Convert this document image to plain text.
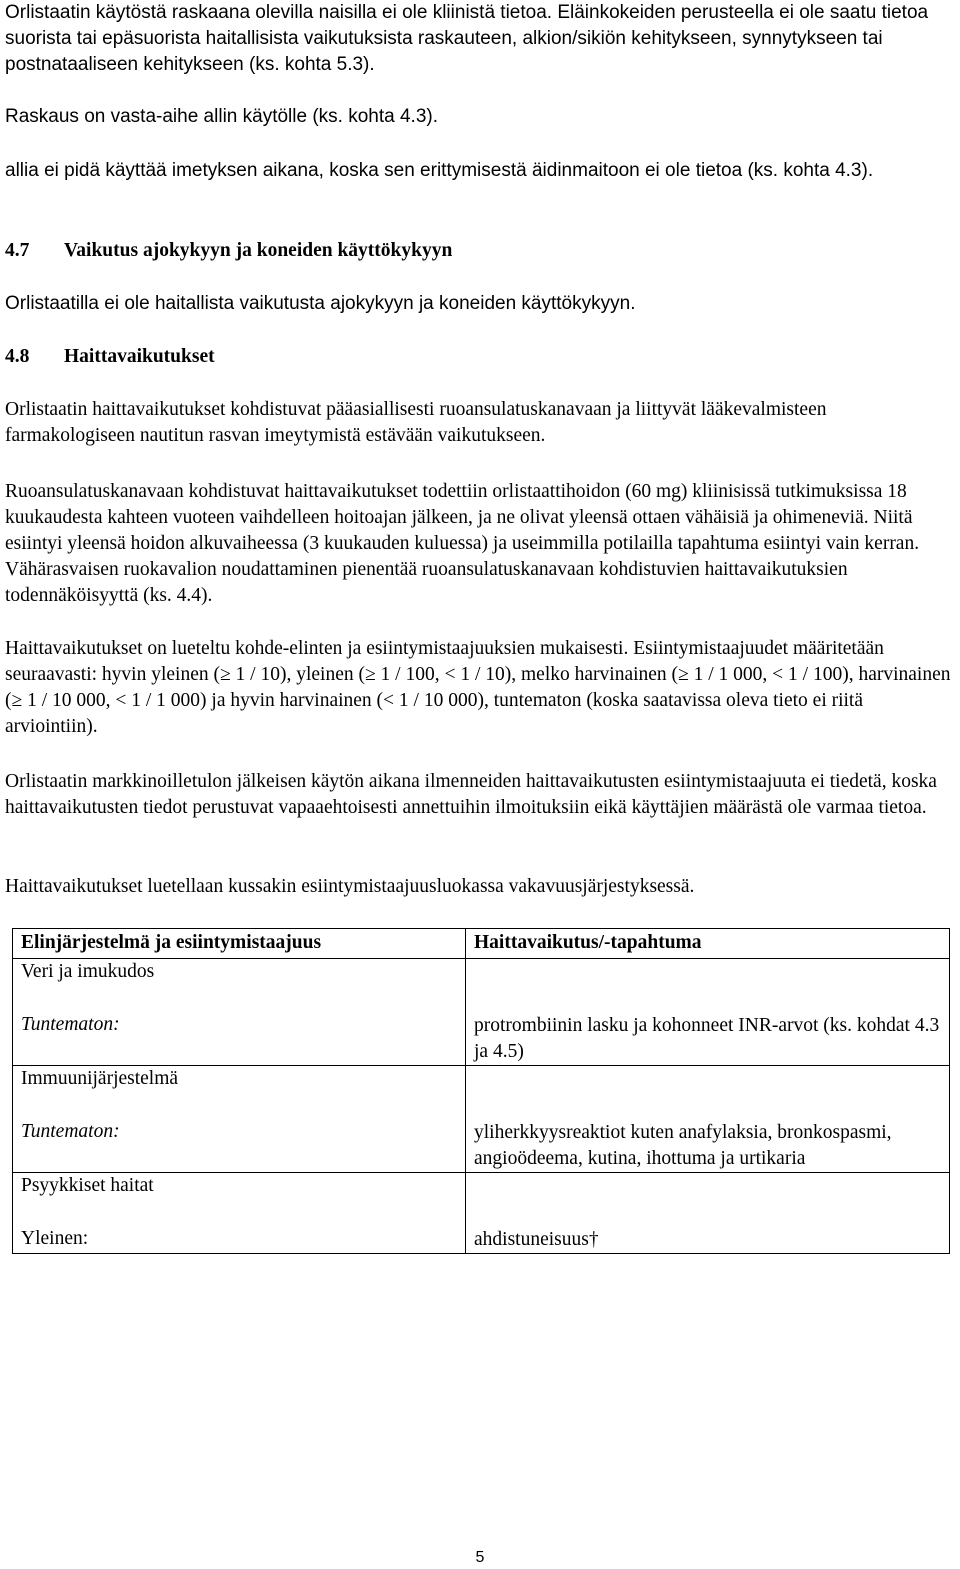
Orlistaatin käytöstä raskaana olevilla naisilla ei ole kliinistä tietoa. Eläinkokeiden perusteella ei ole saatu tietoa suorista tai epäsuorista haitallisista vaikutuksista raskauteen, alkion/sikiön kehitykseen, synnytykseen tai postnataaliseen kehitykseen (ks. kohta 5.3).

Raskaus on vasta-aihe allin käytölle (ks. kohta 4.3).

allia ei pidä käyttää imetyksen aikana, koska sen erittymisestä äidinmaitoon ei ole tietoa (ks. kohta 4.3).

4.7 Vaikutus ajokykyyn ja koneiden käyttökykyyn

Orlistaatilla ei ole haitallista vaikutusta ajokykyyn ja koneiden käyttökykyyn.

4.8 Haittavaikutukset

Orlistaatin haittavaikutukset kohdistuvat pääasiallisesti ruoansulatuskanavaan ja liittyvät lääkevalmisteen farmakologiseen nautitun rasvan imeytymistä estävään vaikutukseen.

Ruoansulatuskanavaan kohdistuvat haittavaikutukset todettiin orlistaattihoidon (60 mg) kliinisissä tutkimuksissa 18 kuukaudesta kahteen vuoteen vaihdelleen hoitoajan jälkeen, ja ne olivat yleensä ottaen vähäisiä ja ohimeneviä. Niitä esiintyi yleensä hoidon alkuvaiheessa (3 kuukauden kuluessa) ja useimmilla potilailla tapahtuma esiintyi vain kerran. Vähärasvaisen ruokavalion noudattaminen pienentää ruoansulatuskanavaan kohdistuvien haittavaikutuksien todennäköisyyttä (ks. 4.4).

Haittavaikutukset on lueteltu kohde-elinten ja esiintymistaajuuksien mukaisesti. Esiintymistaajuudet määritetään seuraavasti: hyvin yleinen (≥ 1 / 10), yleinen (≥ 1 / 100, < 1 / 10), melko harvinainen (≥ 1 / 1 000, < 1 / 100), harvinainen (≥ 1 / 10 000, < 1 / 1 000) ja hyvin harvinainen (< 1 / 10 000), tuntematon (koska saatavissa oleva tieto ei riitä arviointiin).

Orlistaatin markkinoilletulon jälkeisen käytön aikana ilmenneiden haittavaikutusten esiintymistaajuuta ei tiedetä, koska haittavaikutusten tiedot perustuvat vapaaehtoisesti annettuihin ilmoituksiin eikä käyttäjien määrästä ole varmaa tietoa.

Haittavaikutukset luetellaan kussakin esiintymistaajuusluokassa vakavuusjärjestyksessä.

Elinjärjestelmä ja esiintymistaajuus	Haittavaikutus/-tapahtuma

Veri ja imukudos
Tuntematon:	protrombiinin lasku ja kohonneet INR-arvot (ks. kohdat 4.3 ja 4.5)

Immuunijärjestelmä
Tuntematon:	yliherkkyysreaktiot kuten anafylaksia, bronkospasmi, angioödeema, kutina, ihottuma ja urtikaria

Psyykkiset haitat
Yleinen:	ahdistuneisuus†
5
